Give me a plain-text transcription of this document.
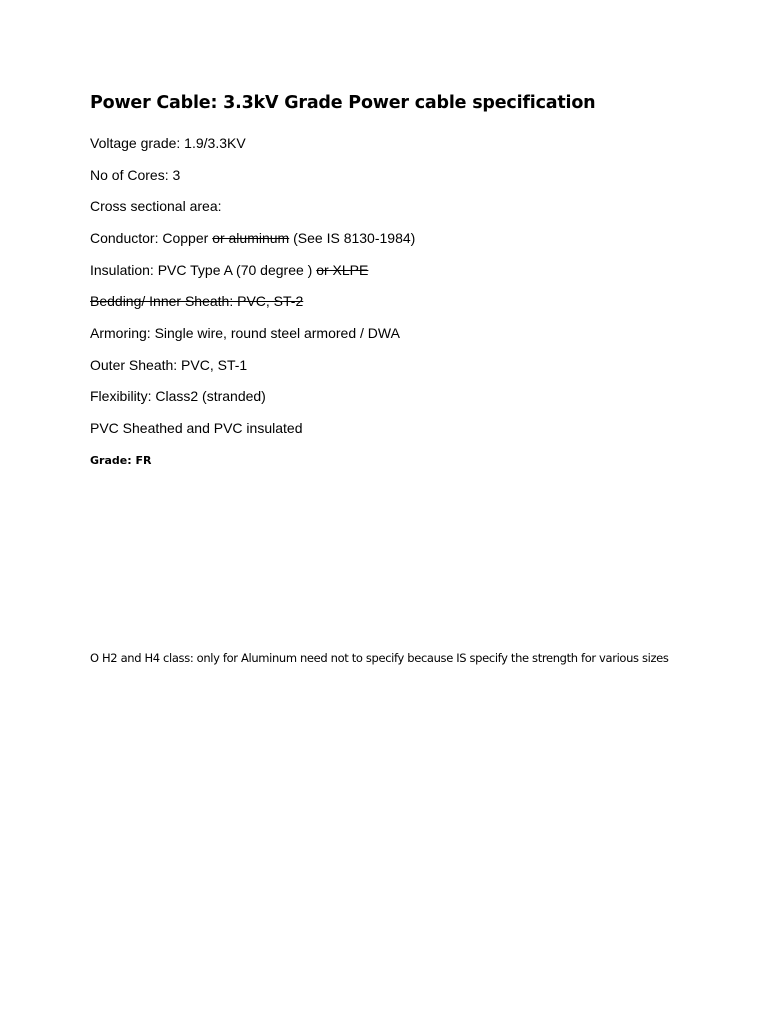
Power Cable: 3.3kV Grade Power cable specification

Voltage grade: 1.9/3.3KV

No of Cores: 3

Cross sectional area:

Conductor: Copper or aluminum (See IS 8130-1984)

Insulation: PVC Type A (70 degree ) or XLPE

Bedding/ Inner Sheath: PVC, ST-2

Armoring: Single wire, round steel armored / DWA

Outer Sheath: PVC, ST-1

Flexibility: Class2 (stranded)

PVC Sheathed and PVC insulated

Grade: FR

O H2 and H4 class: only for Aluminum need not to specify because IS specify the strength for various sizes
